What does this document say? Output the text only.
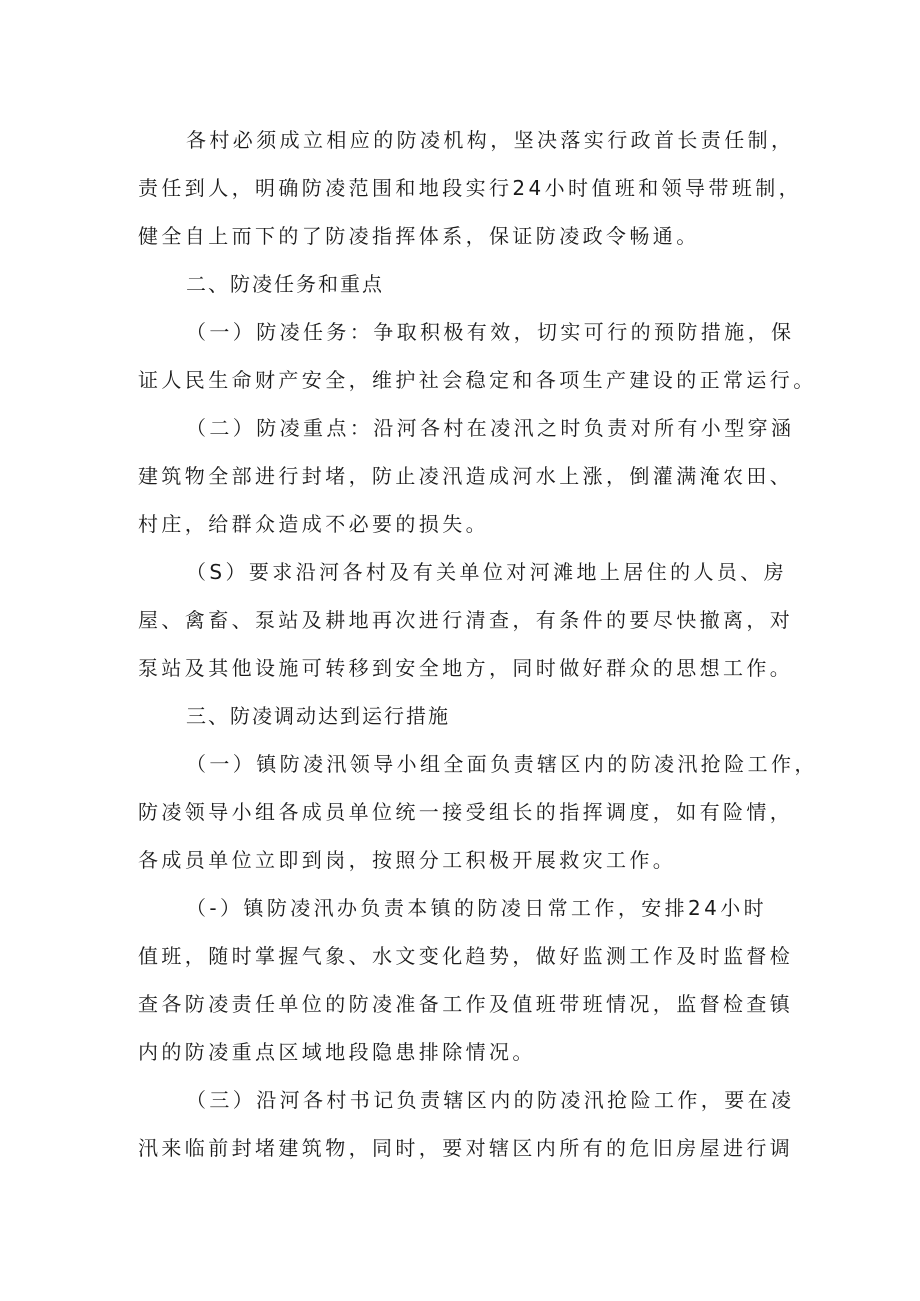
各村必须成立相应的防凌机构，坚决落实行政首长责任制，
责任到人，明确防凌范围和地段实行24小时值班和领导带班制，
健全自上而下的了防凌指挥体系，保证防凌政令畅通。
二、防凌任务和重点
（一）防凌任务：争取积极有效，切实可行的预防措施，保
证人民生命财产安全，维护社会稳定和各项生产建设的正常运行。
（二）防凌重点：沿河各村在凌汛之时负责对所有小型穿涵
建筑物全部进行封堵，防止凌汛造成河水上涨，倒灌满淹农田、
村庄，给群众造成不必要的损失。
（S）要求沿河各村及有关单位对河滩地上居住的人员、房
屋、禽畜、泵站及耕地再次进行清查，有条件的要尽快撤离，对
泵站及其他设施可转移到安全地方，同时做好群众的思想工作。
三、防凌调动达到运行措施
（一）镇防凌汛领导小组全面负责辖区内的防凌汛抢险工作，
防凌领导小组各成员单位统一接受组长的指挥调度，如有险情，
各成员单位立即到岗，按照分工积极开展救灾工作。
（-）镇防凌汛办负责本镇的防凌日常工作，安排24小时
值班，随时掌握气象、水文变化趋势，做好监测工作及时监督检
查各防凌责任单位的防凌准备工作及值班带班情况，监督检查镇
内的防凌重点区域地段隐患排除情况。
（三）沿河各村书记负责辖区内的防凌汛抢险工作，要在凌
汛来临前封堵建筑物，同时，要对辖区内所有的危旧房屋进行调
